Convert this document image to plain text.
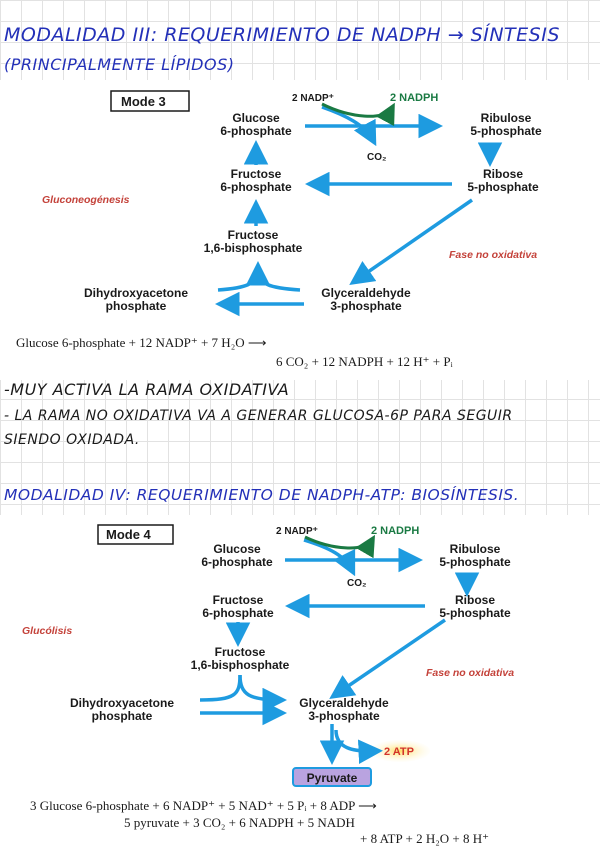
MODALIDAD III: REQUERIMIENTO DE NADPH → SÍNTESIS
(PRINCIPALMENTE LÍPIDOS)
Mode 3	2 NADP⁺	2 NADPH
CO₂
Glucose
6-phosphate
Ribulose
5-phosphate
Fructose
6-phosphate
Ribose
5-phosphate
Fructose
1,6-bisphosphate
Dihydroxyacetone
phosphate
Glyceraldehyde
3-phosphate
Gluconeogénesis
Fase no oxidativa
Glucose 6-phosphate + 12 NADP⁺ + 7 H₂O ⟶
6 CO₂ + 12 NADPH + 12 H⁺ + Pᵢ
-MUY ACTIVA LA RAMA OXIDATIVA
- LA RAMA NO OXIDATIVA VA A GENERAR GLUCOSA-6P PARA SEGUIR
SIENDO OXIDADA.
MODALIDAD IV: REQUERIMIENTO DE NADPH-ATP: BIOSÍNTESIS.
Mode 4	2 NADP⁺	2 NADPH
CO₂
Glucose
6-phosphate
Ribulose
5-phosphate
Fructose
6-phosphate
Ribose
5-phosphate
Fructose
1,6-bisphosphate
Dihydroxyacetone
phosphate
Glyceraldehyde
3-phosphate
Glucólisis
Fase no oxidativa
2 ATP
Pyruvate
3 Glucose 6-phosphate + 6 NADP⁺ + 5 NAD⁺ + 5 Pᵢ + 8 ADP ⟶
5 pyruvate + 3 CO₂ + 6 NADPH + 5 NADH
+ 8 ATP + 2 H₂O + 8 H⁺
